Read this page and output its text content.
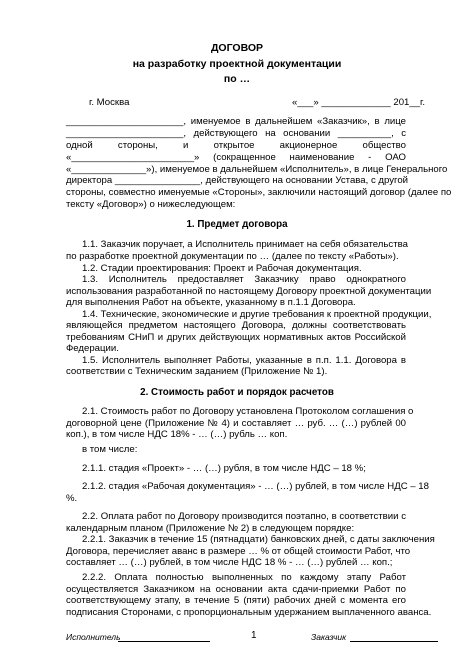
ДОГОВОР
на разработку проектной документации
по …
г. Москва	«___» _____________ 201__г.
______________________, именуемое в дальнейшем «Заказчик», в лице
______________________, действующего на основании __________, с
одной стороны, и открытое акционерное общество
«_______________________» (сокращенное наименование - ОАО
«______________»), именуемое в дальнейшем «Исполнитель», в лице Генерального
директора ________________, действующего на основании Устава, с другой
стороны, совместно именуемые «Стороны», заключили настоящий договор (далее по
тексту «Договор») о нижеследующем:
1. Предмет договора
1.1. Заказчик поручает, а Исполнитель принимает на себя обязательства
по разработке проектной документации по … (далее по тексту «Работы»).
1.2. Стадии проектирования: Проект и Рабочая документация.
1.3. Исполнитель предоставляет Заказчику право однократного
использования разработанной по настоящему Договору проектной документации
для выполнения Работ на объекте, указанному в п.1.1 Договора.
1.4. Технические, экономические и другие требования к проектной продукции,
являющейся предметом настоящего Договора, должны соответствовать
требованиям СНиП и других действующих нормативных актов Российской
Федерации.
1.5. Исполнитель выполняет Работы, указанные в п.п. 1.1. Договора в
соответствии с Техническим заданием (Приложение № 1).
2. Стоимость работ и порядок расчетов
2.1. Стоимость работ по Договору установлена Протоколом соглашения о
договорной цене (Приложение № 4) и составляет … руб. … (…) рублей 00
коп.), в том числе НДС 18% - … (…) рубль … коп.
в том числе:
2.1.1. стадия «Проект» - … (…) рубля, в том числе НДС – 18 %;
2.1.2. стадия «Рабочая документация» - … (…) рублей, в том числе НДС – 18
%.
2.2. Оплата работ по Договору производится поэтапно, в соответствии с
календарным планом (Приложение № 2) в следующем порядке:
2.2.1. Заказчик в течение 15 (пятнадцати) банковских дней, с даты заключения
Договора, перечисляет аванс в размере … % от общей стоимости Работ, что
составляет … (…) рублей, в том числе НДС 18 % - … (…) рублей … коп.;
2.2.2. Оплата полностью выполненных по каждому этапу Работ
осуществляется Заказчиком на основании акта сдачи-приемки Работ по
соответствующему этапу, в течение 5 (пяти) рабочих дней с момента его
подписания Сторонами, с пропорциональным удержанием выплаченного аванса.
Исполнитель	1	Заказчик
